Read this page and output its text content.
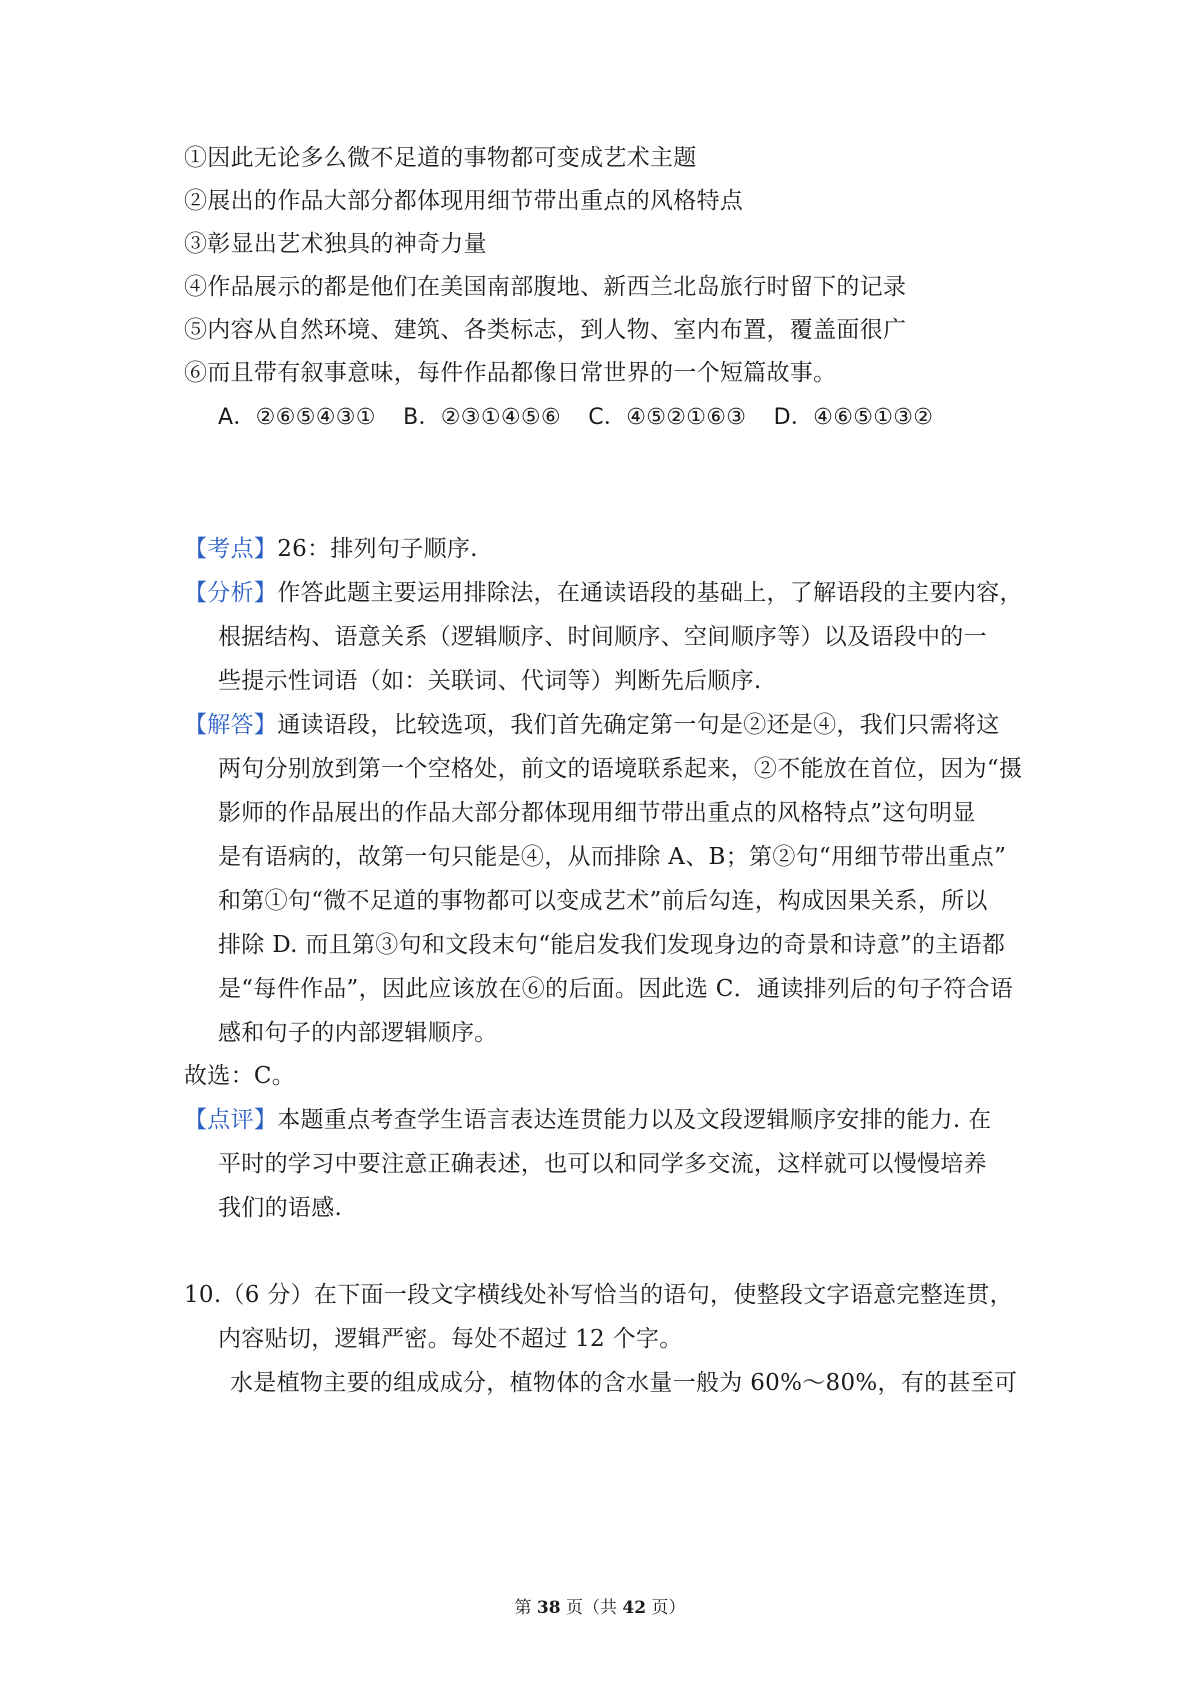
①因此无论多么微不足道的事物都可变成艺术主题
②展出的作品大部分都体现用细节带出重点的风格特点
③彰显出艺术独具的神奇力量
④作品展示的都是他们在美国南部腹地、新西兰北岛旅行时留下的记录
⑤内容从自然环境、建筑、各类标志，到人物、室内布置，覆盖面很广
⑥而且带有叙事意味，每件作品都像日常世界的一个短篇故事。
A．②⑥⑤④③① B．②③①④⑤⑥ C．④⑤②①⑥③ D．④⑥⑤①③②
【考点】26：排列句子顺序.
【分析】作答此题主要运用排除法，在通读语段的基础上，了解语段的主要内容，
根据结构、语意关系（逻辑顺序、时间顺序、空间顺序等）以及语段中的一
些提示性词语（如：关联词、代词等）判断先后顺序.
【解答】通读语段，比较选项，我们首先确定第一句是②还是④，我们只需将这
两句分别放到第一个空格处，前文的语境联系起来，②不能放在首位，因为“摄
影师的作品展出的作品大部分都体现用细节带出重点的风格特点”这句明显
是有语病的，故第一句只能是④，从而排除 A、B；第②句“用细节带出重点”
和第①句“微不足道的事物都可以变成艺术”前后勾连，构成因果关系，所以
排除 D. 而且第③句和文段末句“能启发我们发现身边的奇景和诗意”的主语都
是“每件作品”，因此应该放在⑥的后面。因此选 C．通读排列后的句子符合语
感和句子的内部逻辑顺序。
故选：C。
【点评】本题重点考查学生语言表达连贯能力以及文段逻辑顺序安排的能力. 在
平时的学习中要注意正确表述，也可以和同学多交流，这样就可以慢慢培养
我们的语感.
10.（6 分）在下面一段文字横线处补写恰当的语句，使整段文字语意完整连贯，
内容贴切，逻辑严密。每处不超过 12 个字。
水是植物主要的组成成分，植物体的含水量一般为 60%～80%，有的甚至可
第 38 页（共 42 页）
